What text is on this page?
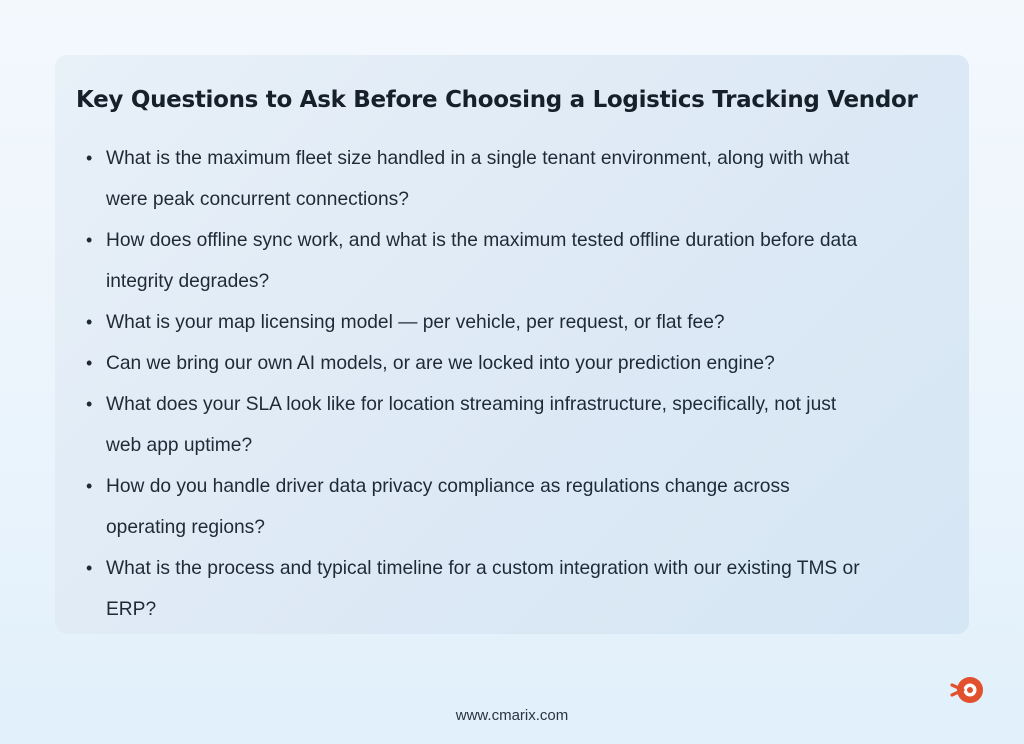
Key Questions to Ask Before Choosing a Logistics Tracking Vendor
• What is the maximum fleet size handled in a single tenant environment, along with what
were peak concurrent connections?
• How does offline sync work, and what is the maximum tested offline duration before data
integrity degrades?
• What is your map licensing model — per vehicle, per request, or flat fee?
• Can we bring our own AI models, or are we locked into your prediction engine?
• What does your SLA look like for location streaming infrastructure, specifically, not just
web app uptime?
• How do you handle driver data privacy compliance as regulations change across
operating regions?
• What is the process and typical timeline for a custom integration with our existing TMS or
ERP?
www.cmarix.com
